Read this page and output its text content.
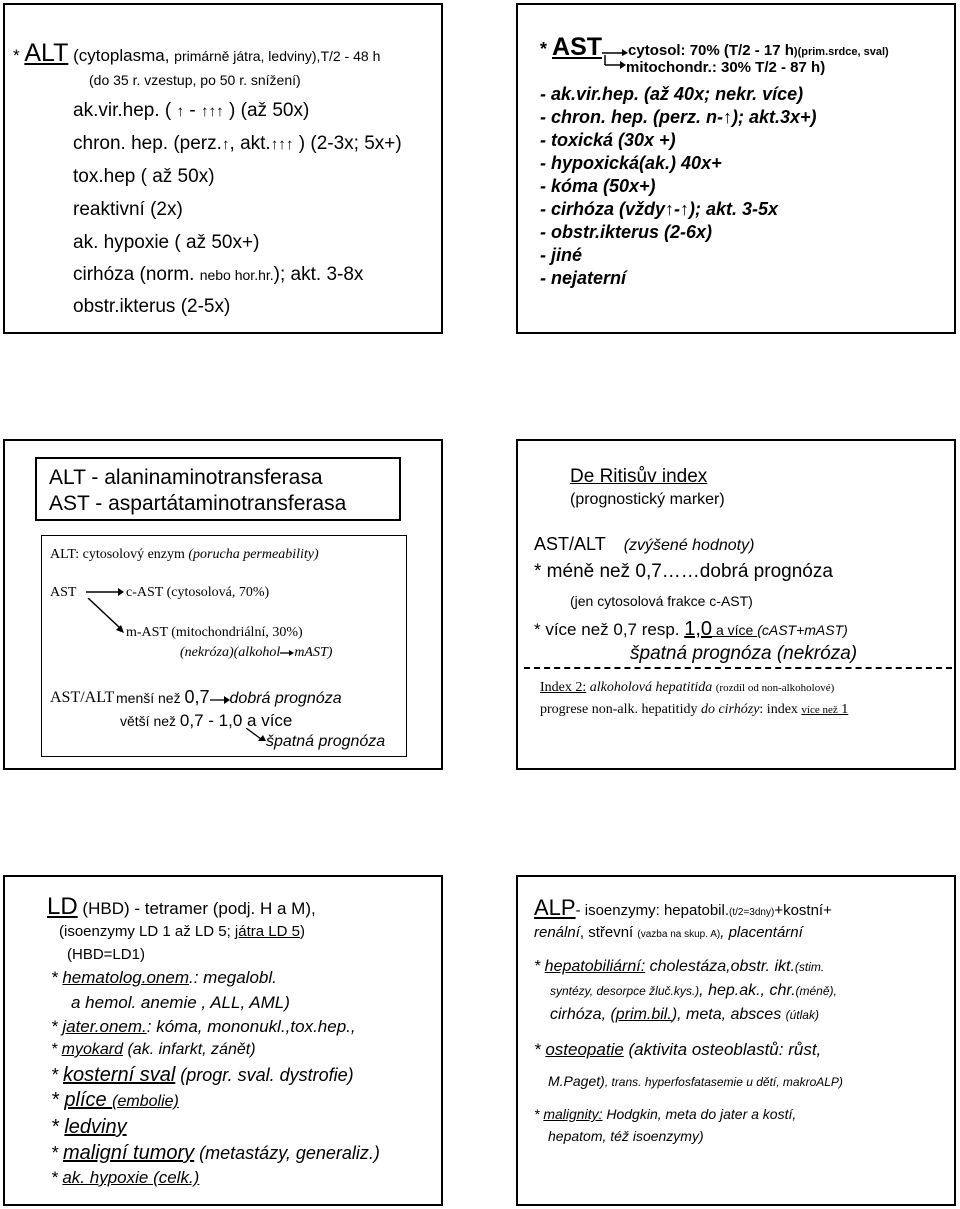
* ALT (cytoplasma, primárně játra, ledviny),T/2 - 48 h
(do 35 r. vzestup, po 50 r. snížení)
ak.vir.hep. ( ↑ - ↑↑↑ ) (až 50x)
chron. hep. (perz.↑, akt.↑↑↑ ) (2-3x; 5x+)
tox.hep ( až 50x)
reaktivní (2x)
ak. hypoxie ( až 50x+)
cirhóza (norm. nebo hor.hr.); akt. 3-8x
obstr.ikterus (2-5x)
* AST cytosol: 70% (T/2 - 17 h)(prim.srdce, sval)
mitochondr.: 30% T/2 - 87 h)
- ak.vir.hep. (až 40x; nekr. více)
- chron. hep. (perz. n-↑); akt.3x+)
- toxická (30x +)
- hypoxická(ak.) 40x+
- kóma (50x+)
- cirhóza (vždy↑-↑); akt. 3-5x
- obstr.ikterus (2-6x)
- jiné
- nejaterní
ALT - alaninaminotransferasa
AST - aspartátaminotransferasa
ALT: cytosolový enzym (porucha permeability)
AST	c-AST (cytosolová, 70%)
m-AST (mitochondriální, 30%)
(nekróza)(alkohol mAST)
AST/ALT menší než 0,7 dobrá prognóza
větší než 0,7 - 1,0 a více
špatná prognóza
De Ritisův index
(prognostický marker)
AST/ALT (zvýšené hodnoty)
* méně než 0,7……dobrá prognóza
(jen cytosolová frakce c-AST)
* více než 0,7 resp. 1,0 a více (cAST+mAST)
špatná prognóza (nekróza)
Index 2: alkoholová hepatitida (rozdíl od non-alkoholové)
progrese non-alk. hepatitidy do cirhózy: index více než 1
LD (HBD) - tetramer (podj. H a M),
(isoenzymy LD 1 až LD 5; játra LD 5)
(HBD=LD1)
* hematolog.onem.: megalobl.
a hemol. anemie , ALL, AML)
* jater.onem.: kóma, mononukl.,tox.hep.,
* myokard (ak. infarkt, zánět)
* kosterní sval (progr. sval. dystrofie)
* plíce (embolie)
* ledviny
* maligní tumory (metastázy, generaliz.)
* ak. hypoxie (celk.)
ALP- isoenzymy: hepatobil.(t/2=3dny)+kostní+
renální, střevní (vazba na skup. A), placentární
* hepatobiliární: cholestáza,obstr. ikt.(stim.
syntézy, desorpce žluč.kys.), hep.ak., chr.(méně),
cirhóza, (prim.bil.), meta, absces (útlak)
* osteopatie (aktivita osteoblastů: růst,
M.Paget), trans. hyperfosfatasemie u dětí, makroALP)
* malignity: Hodgkin, meta do jater a kostí,
hepatom, též isoenzymy)
